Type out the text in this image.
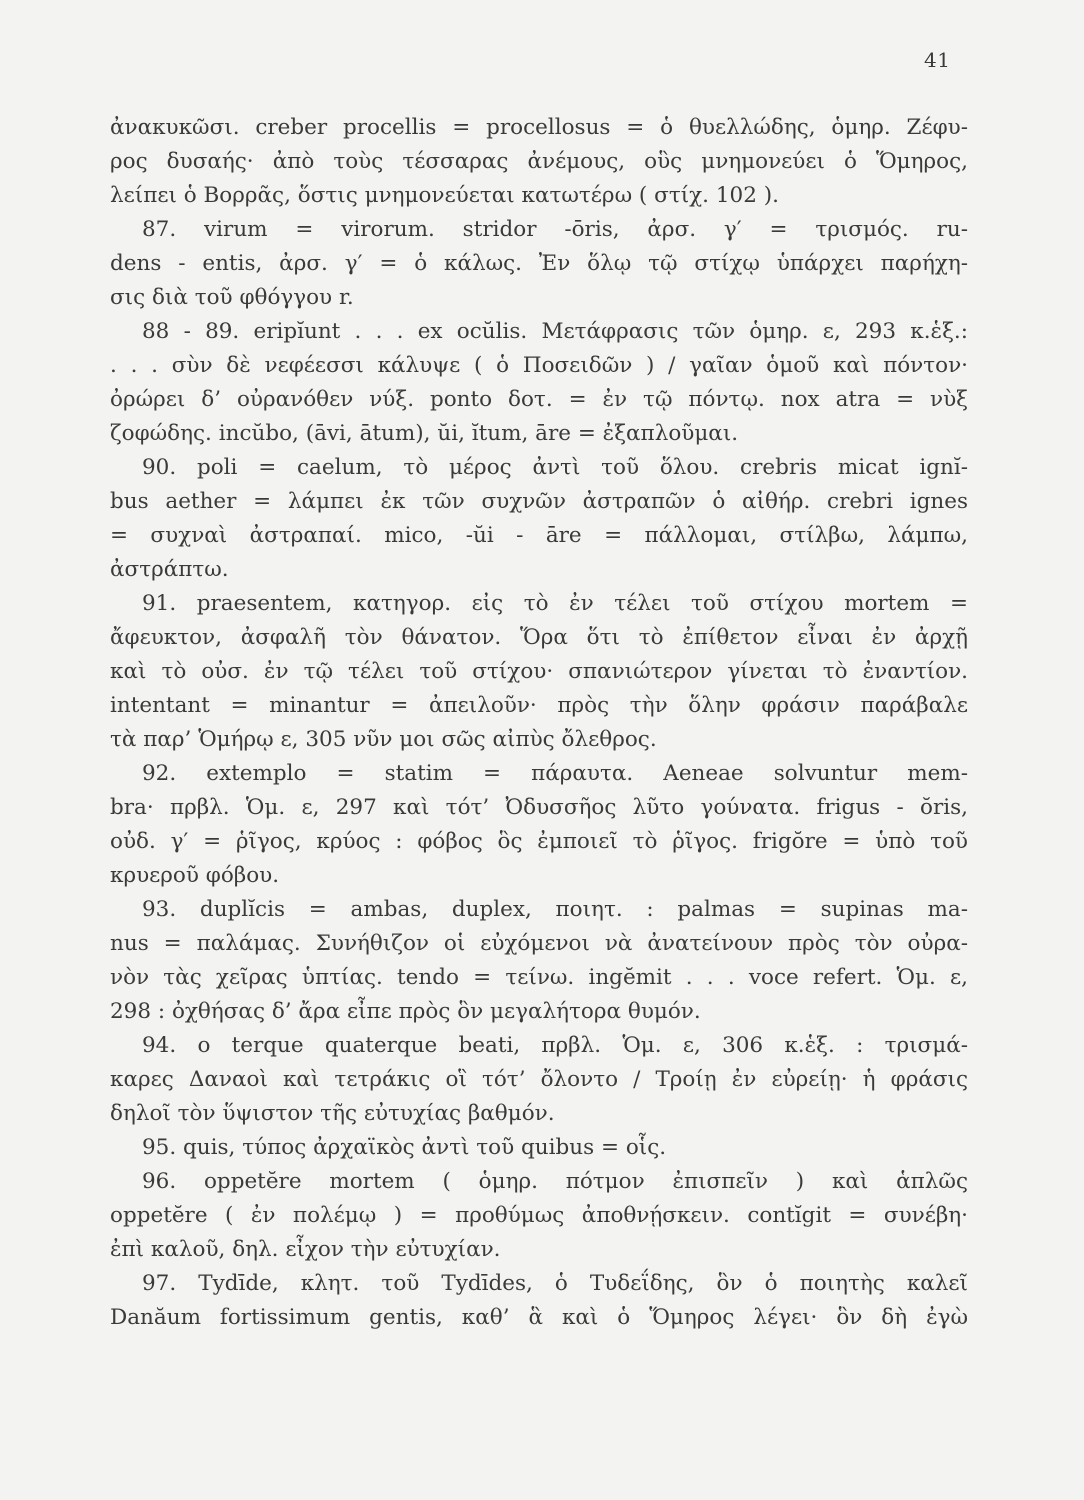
41
ἀνακυκῶσι. creber procellis = procellosus = ὁ θυελλώδης, ὁμηρ. Ζέφυ-
ρος δυσαής· ἀπὸ τοὺς τέσσαρας ἀνέμους, οὓς μνημονεύει ὁ Ὅμηρος,
λείπει ὁ Βορρᾶς, ὅστις μνημονεύεται κατωτέρω ( στίχ. 102 ).
87. virum = virorum. stridor -ōris, ἀρσ. γ′ = τρισμός. ru-
dens - entis, ἀρσ. γ′ = ὁ κάλως. Ἐν ὅλῳ τῷ στίχῳ ὑπάρχει παρήχη-
σις διὰ τοῦ φθόγγου r.
88 - 89. eripĭunt . . . ex ocŭlis. Μετάφρασις τῶν ὁμηρ. ε, 293 κ.ἑξ.:
. . . σὺν δὲ νεφέεσσι κάλυψε ( ὁ Ποσειδῶν ) / γαῖαν ὁμοῦ καὶ πόντον·
ὀρώρει δ’ οὐρανόθεν νύξ. ponto δοτ. = ἐν τῷ πόντῳ. nox atra = νὺξ
ζοφώδης. incŭbo, (āvi, ātum), ŭi, ĭtum, āre = ἐξαπλοῦμαι.
90. poli = caelum, τὸ μέρος ἀντὶ τοῦ ὅλου. crebris micat ignĭ-
bus aether = λάμπει ἐκ τῶν συχνῶν ἀστραπῶν ὁ αἰθήρ. crebri ignes
= συχναὶ ἀστραπαί. mico, -ŭi - āre = πάλλομαι, στίλβω, λάμπω,
ἀστράπτω.
91. praesentem, κατηγορ. εἰς τὸ ἐν τέλει τοῦ στίχου mortem =
ἄφευκτον, ἀσφαλῆ τὸν θάνατον. Ὅρα ὅτι τὸ ἐπίθετον εἶναι ἐν ἀρχῇ
καὶ τὸ οὐσ. ἐν τῷ τέλει τοῦ στίχου· σπανιώτερον γίνεται τὸ ἐναντίον.
intentant = minantur = ἀπειλοῦν· πρὸς τὴν ὅλην φράσιν παράβαλε
τὰ παρ’ Ὁμήρῳ ε, 305 νῦν μοι σῶς αἰπὺς ὄλεθρος.
92. extemplo = statim = πάραυτα. Aeneae solvuntur mem-
bra· πρβλ. Ὁμ. ε, 297 καὶ τότ’ Ὀδυσσῆος λῦτο γούνατα. frigus - ŏris,
οὐδ. γ′ = ῥῖγος, κρύος : φόβος ὃς ἐμποιεῖ τὸ ῥῖγος. frigŏre = ὑπὸ τοῦ
κρυεροῦ φόβου.
93. duplĭcis = ambas, duplex, ποιητ. : palmas = supinas ma-
nus = παλάμας. Συνήθιζον οἱ εὐχόμενοι νὰ ἀνατείνουν πρὸς τὸν οὐρα-
νὸν τὰς χεῖρας ὑπτίας. tendo = τείνω. ingĕmit . . . voce refert. Ὁμ. ε,
298 : ὀχθήσας δ’ ἄρα εἶπε πρὸς ὃν μεγαλήτορα θυμόν.
94. o terque quaterque beati, πρβλ. Ὁμ. ε, 306 κ.ἑξ. : τρισμά-
καρες Δαναοὶ καὶ τετράκις οἳ τότ’ ὄλοντο / Τροίῃ ἐν εὐρείῃ· ἡ φράσις
δηλοῖ τὸν ὕψιστον τῆς εὐτυχίας βαθμόν.
95. quis, τύπος ἀρχαϊκὸς ἀντὶ τοῦ quibus = οἷς.
96. oppetĕre mortem ( ὁμηρ. πότμον ἐπισπεῖν ) καὶ ἁπλῶς
oppetĕre ( ἐν πολέμῳ ) = προθύμως ἀποθνῄσκειν. contĭgit = συνέβη·
ἐπὶ καλοῦ, δηλ. εἶχον τὴν εὐτυχίαν.
97. Tydīde, κλητ. τοῦ Tydīdes, ὁ Τυδεΐδης, ὃν ὁ ποιητὴς καλεῖ
Danăum fortissimum gentis, καθ’ ἃ καὶ ὁ Ὅμηρος λέγει· ὃν δὴ ἐγὼ
